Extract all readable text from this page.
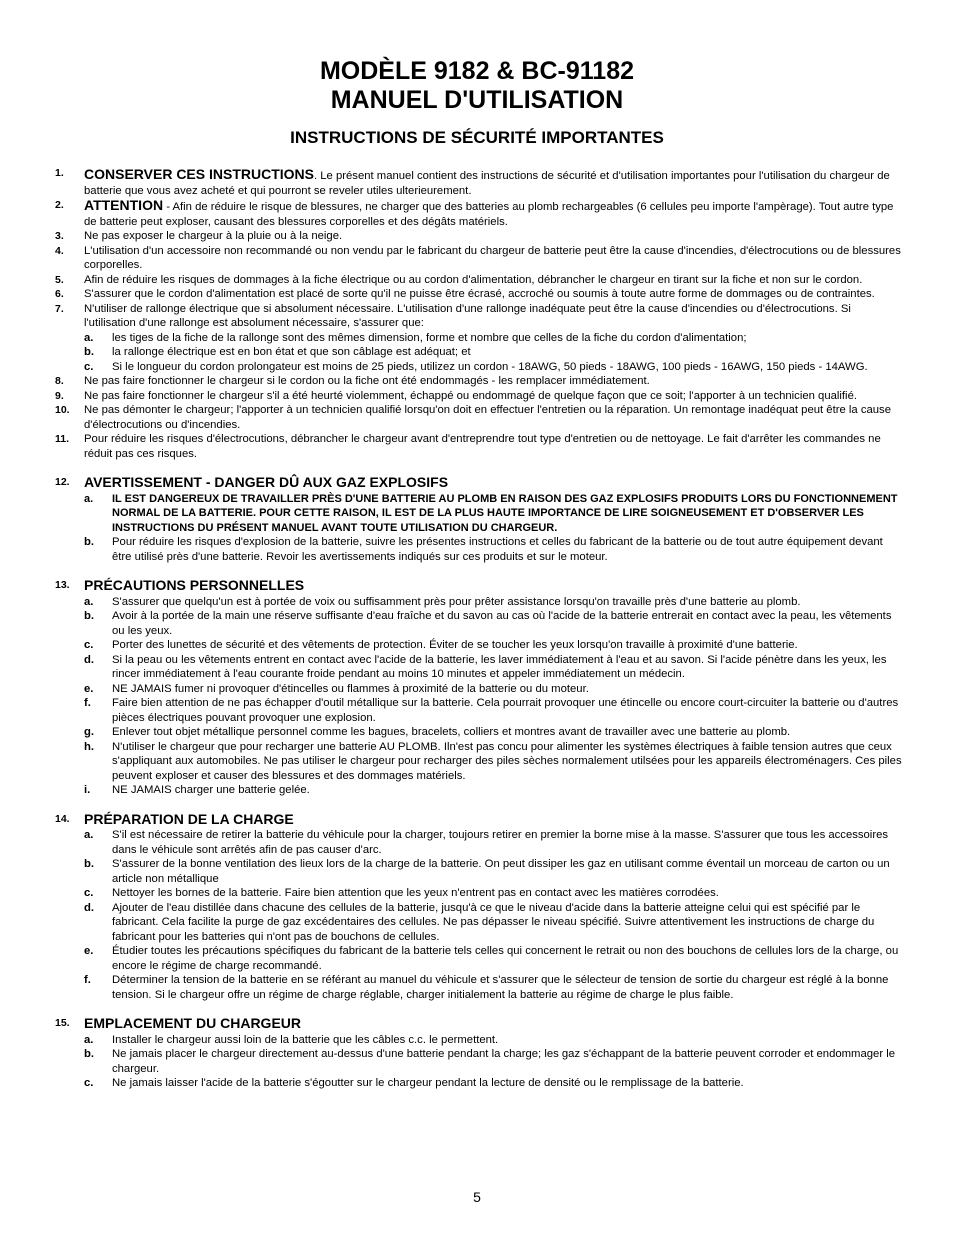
MODÈLE 9182 & BC-91182
MANUEL D'UTILISATION
INSTRUCTIONS DE SÉCURITÉ IMPORTANTES
1. CONSERVER CES INSTRUCTIONS. Le présent manuel contient des instructions de sécurité et d'utilisation importantes pour l'utilisation du chargeur de batterie que vous avez acheté et qui pourront se reveler utiles ulterieurement.
2. ATTENTION - Afin de réduire le risque de blessures, ne charger que des batteries au plomb rechargeables (6 cellules peu importe l'ampèrage). Tout autre type de batterie peut exploser, causant des blessures corporelles et des dégâts matériels.
3. Ne pas exposer le chargeur à la pluie ou à la neige.
4. L'utilisation d'un accessoire non recommandé ou non vendu par le fabricant du chargeur de batterie peut être la cause d'incendies, d'électrocutions ou de blessures corporelles.
5. Afin de réduire les risques de dommages à la fiche électrique ou au cordon d'alimentation, débrancher le chargeur en tirant sur la fiche et non sur le cordon.
6. S'assurer que le cordon d'alimentation est placé de sorte qu'il ne puisse être écrasé, accroché ou soumis à toute autre forme de dommages ou de contraintes.
7. N'utiliser de rallonge électrique que si absolument nécessaire. L'utilisation d'une rallonge inadéquate peut être la cause d'incendies ou d'électrocutions. Si l'utilisation d'une rallonge est absolument nécessaire, s'assurer que:
a. les tiges de la fiche de la rallonge sont des mêmes dimension, forme et nombre que celles de la fiche du cordon d'alimentation;
b. la rallonge électrique est en bon état et que son câblage est adéquat; et
c. Si le longueur du cordon prolongateur est moins de 25 pieds, utilizez un cordon - 18AWG, 50 pieds - 18AWG, 100 pieds - 16AWG, 150 pieds - 14AWG.
8. Ne pas faire fonctionner le chargeur si le cordon ou la fiche ont été endommagés - les remplacer immédiatement.
9. Ne pas faire fonctionner le chargeur s'il a été heurté violemment, échappé ou endommagé de quelque façon que ce soit; l'apporter à un technicien qualifié.
10. Ne pas démonter le chargeur; l'apporter à un technicien qualifié lorsqu'on doit en effectuer l'entretien ou la réparation. Un remontage inadéquat peut être la cause d'électrocutions ou d'incendies.
11. Pour réduire les risques d'électrocutions, débrancher le chargeur avant d'entreprendre tout type d'entretien ou de nettoyage. Le fait d'arrêter les commandes ne réduit pas ces risques.
12. AVERTISSEMENT - DANGER DÛ AUX GAZ EXPLOSIFS
a. IL EST DANGEREUX DE TRAVAILLER PRÈS D'UNE BATTERIE AU PLOMB EN RAISON DES GAZ EXPLOSIFS PRODUITS LORS DU FONCTIONNEMENT NORMAL DE LA BATTERIE. POUR CETTE RAISON, IL EST DE LA PLUS HAUTE IMPORTANCE DE LIRE SOIGNEUSEMENT ET D'OBSERVER LES INSTRUCTIONS DU PRÉSENT MANUEL AVANT TOUTE UTILISATION DU CHARGEUR.
b. Pour réduire les risques d'explosion de la batterie, suivre les présentes instructions et celles du fabricant de la batterie ou de tout autre équipement devant être utilisé près d'une batterie. Revoir les avertissements indiqués sur ces produits et sur le moteur.
13. PRÉCAUTIONS PERSONNELLES
a. S'assurer que quelqu'un est à portée de voix ou suffisamment près pour prêter assistance lorsqu'on travaille près d'une batterie au plomb.
b. Avoir à la portée de la main une réserve suffisante d'eau fraîche et du savon au cas où l'acide de la batterie entrerait en contact avec la peau, les vêtements ou les yeux.
c. Porter des lunettes de sécurité et des vêtements de protection. Éviter de se toucher les yeux lorsqu'on travaille à proximité d'une batterie.
d. Si la peau ou les vêtements entrent en contact avec l'acide de la batterie, les laver immédiatement à l'eau et au savon. Si l'acide pénètre dans les yeux, les rincer immédiatement à l'eau courante froide pendant au moins 10 minutes et appeler immédiatement un médecin.
e. NE JAMAIS fumer ni provoquer d'étincelles ou flammes à proximité de la batterie ou du moteur.
f. Faire bien attention de ne pas échapper d'outil métallique sur la batterie. Cela pourrait provoquer une étincelle ou encore court-circuiter la batterie ou d'autres pièces électriques pouvant provoquer une explosion.
g. Enlever tout objet métallique personnel comme les bagues, bracelets, colliers et montres avant de travailler avec une batterie au plomb.
h. N'utiliser le chargeur que pour recharger une batterie AU PLOMB. Iln'est pas concu pour alimenter les systèmes électriques à faible tension autres que ceux s'appliquant aux automobiles. Ne pas utiliser le chargeur pour recharger des piles sèches normalement utilsées pour les appareils électroménagers. Ces piles peuvent exploser et causer des blessures et des dommages matériels.
i. NE JAMAIS charger une batterie gelée.
14. PRÉPARATION DE LA CHARGE
a. S'il est nécessaire de retirer la batterie du véhicule pour la charger, toujours retirer en premier la borne mise à la masse. S'assurer que tous les accessoires dans le véhicule sont arrêtés afin de pas causer d'arc.
b. S'assurer de la bonne ventilation des lieux lors de la charge de la batterie. On peut dissiper les gaz en utilisant comme éventail un morceau de carton ou un article non métallique
c. Nettoyer les bornes de la batterie. Faire bien attention que les yeux n'entrent pas en contact avec les matières corrodées.
d. Ajouter de l'eau distillée dans chacune des cellules de la batterie, jusqu'à ce que le niveau d'acide dans la batterie atteigne celui qui est spécifié par le fabricant. Cela facilite la purge de gaz excédentaires des cellules. Ne pas dépasser le niveau spécifié. Suivre attentivement les instructions de charge du fabricant pour les batteries qui n'ont pas de bouchons de cellules.
e. Étudier toutes les précautions spécifiques du fabricant de la batterie tels celles qui concernent le retrait ou non des bouchons de cellules lors de la charge, ou encore le régime de charge recommandé.
f. Déterminer la tension de la batterie en se référant au manuel du véhicule et s'assurer que le sélecteur de tension de sortie du chargeur est réglé à la bonne tension. Si le chargeur offre un régime de charge réglable, charger initialement la batterie au régime de charge le plus faible.
15. EMPLACEMENT DU CHARGEUR
a. Installer le chargeur aussi loin de la batterie que les câbles c.c. le permettent.
b. Ne jamais placer le chargeur directement au-dessus d'une batterie pendant la charge; les gaz s'échappant de la batterie peuvent corroder et endommager le chargeur.
c. Ne jamais laisser l'acide de la batterie s'égoutter sur le chargeur pendant la lecture de densité ou le remplissage de la batterie.
5
